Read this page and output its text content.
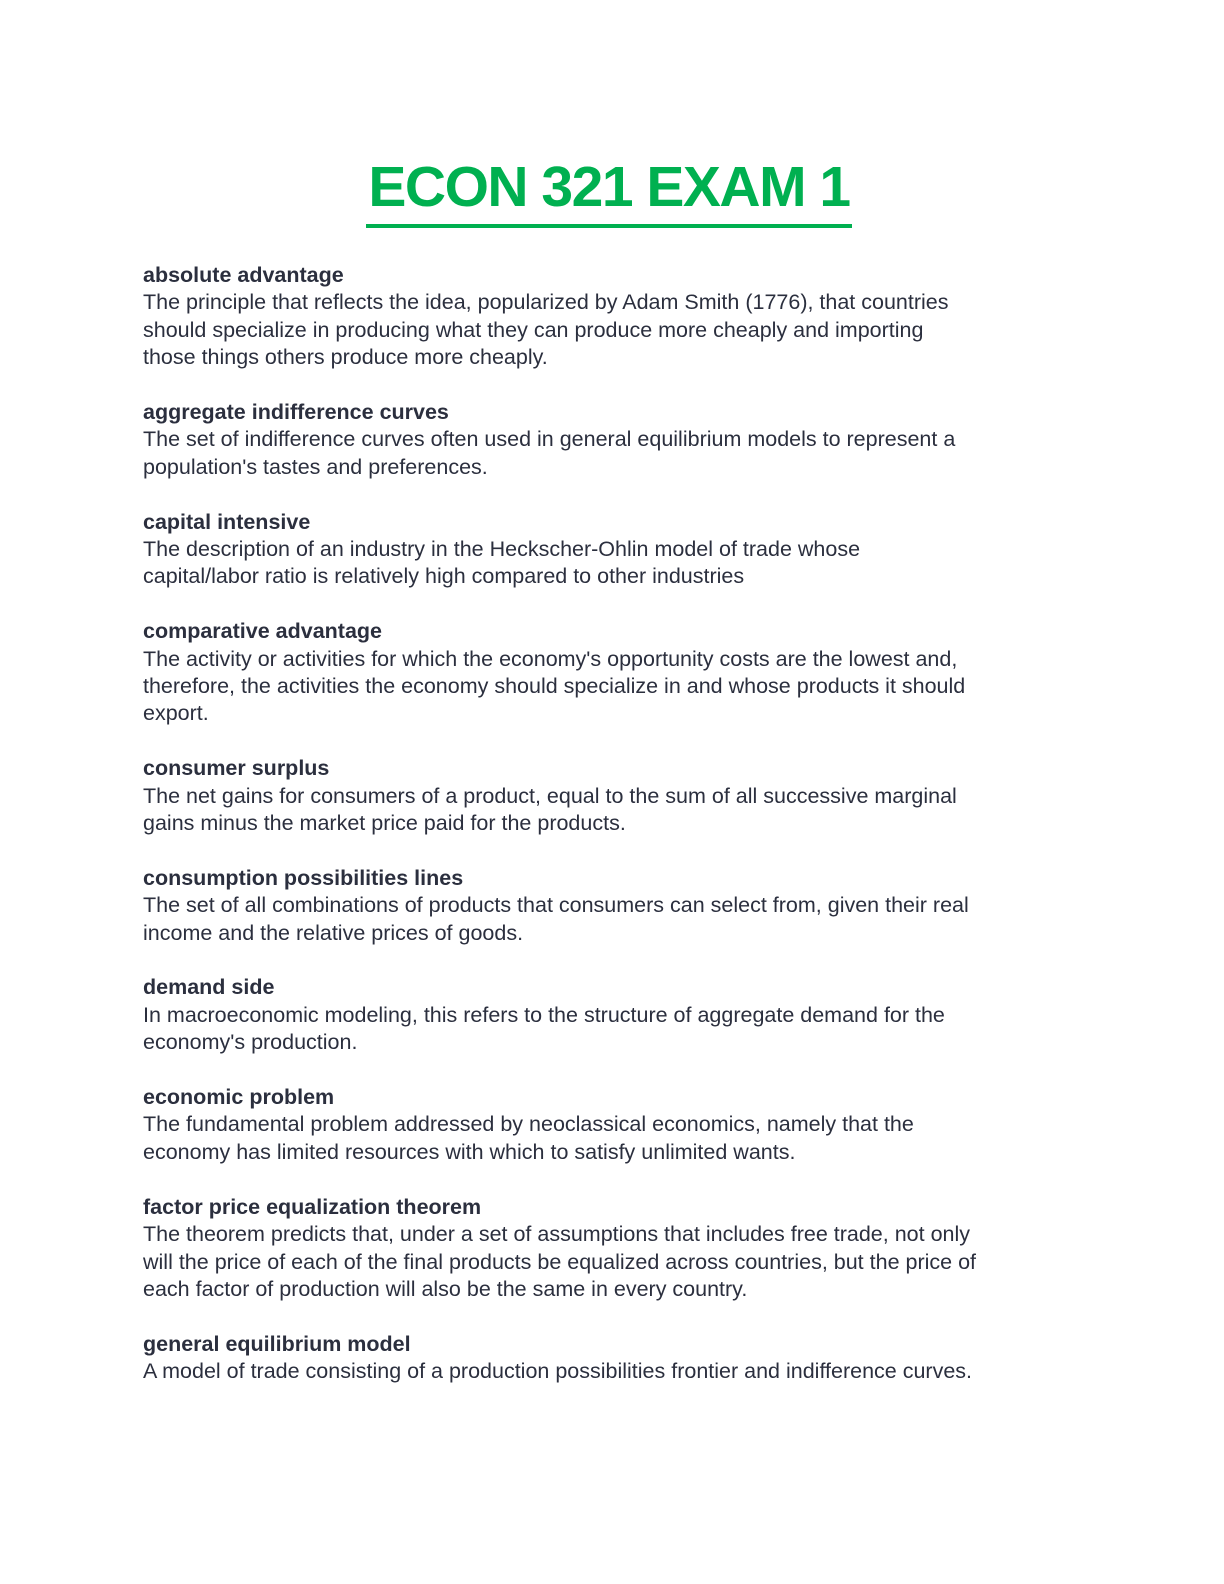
ECON 321 EXAM 1
absolute advantage
The principle that reflects the idea, popularized by Adam Smith (1776), that countries
should specialize in producing what they can produce more cheaply and importing
those things others produce more cheaply.
aggregate indifference curves
The set of indifference curves often used in general equilibrium models to represent a
population's tastes and preferences.
capital intensive
The description of an industry in the Heckscher-Ohlin model of trade whose
capital/labor ratio is relatively high compared to other industries
comparative advantage
The activity or activities for which the economy's opportunity costs are the lowest and,
therefore, the activities the economy should specialize in and whose products it should
export.
consumer surplus
The net gains for consumers of a product, equal to the sum of all successive marginal
gains minus the market price paid for the products.
consumption possibilities lines
The set of all combinations of products that consumers can select from, given their real
income and the relative prices of goods.
demand side
In macroeconomic modeling, this refers to the structure of aggregate demand for the
economy's production.
economic problem
The fundamental problem addressed by neoclassical economics, namely that the
economy has limited resources with which to satisfy unlimited wants.
factor price equalization theorem
The theorem predicts that, under a set of assumptions that includes free trade, not only
will the price of each of the final products be equalized across countries, but the price of
each factor of production will also be the same in every country.
general equilibrium model
A model of trade consisting of a production possibilities frontier and indifference curves.
